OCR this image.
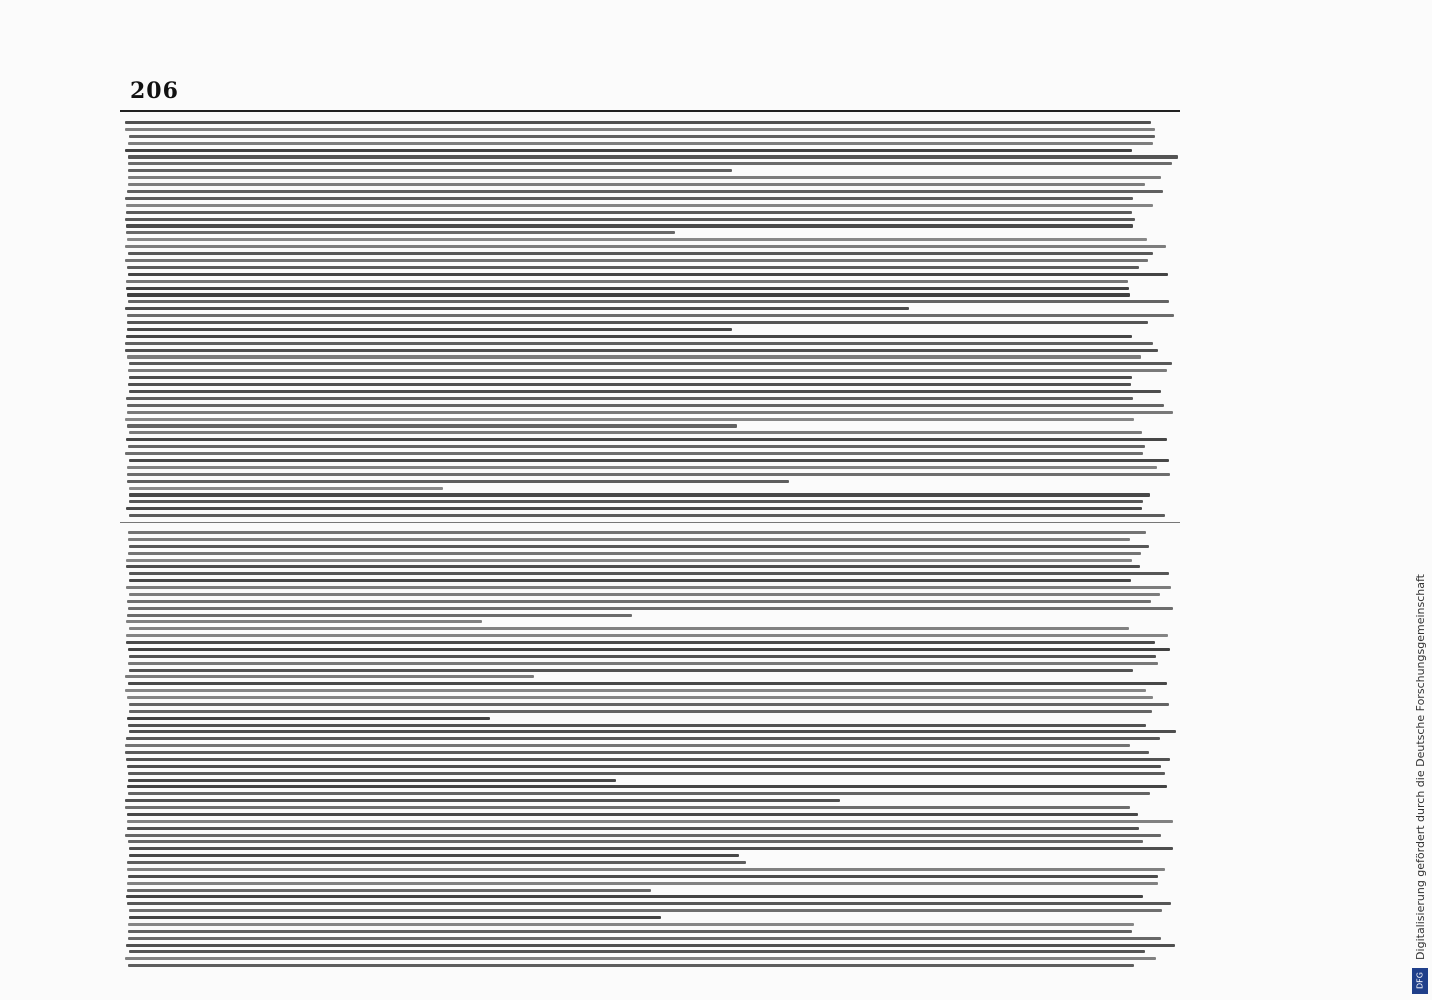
206
Digitalisierung gefördert durch die Deutsche Forschungsgemeinschaft
DFG
